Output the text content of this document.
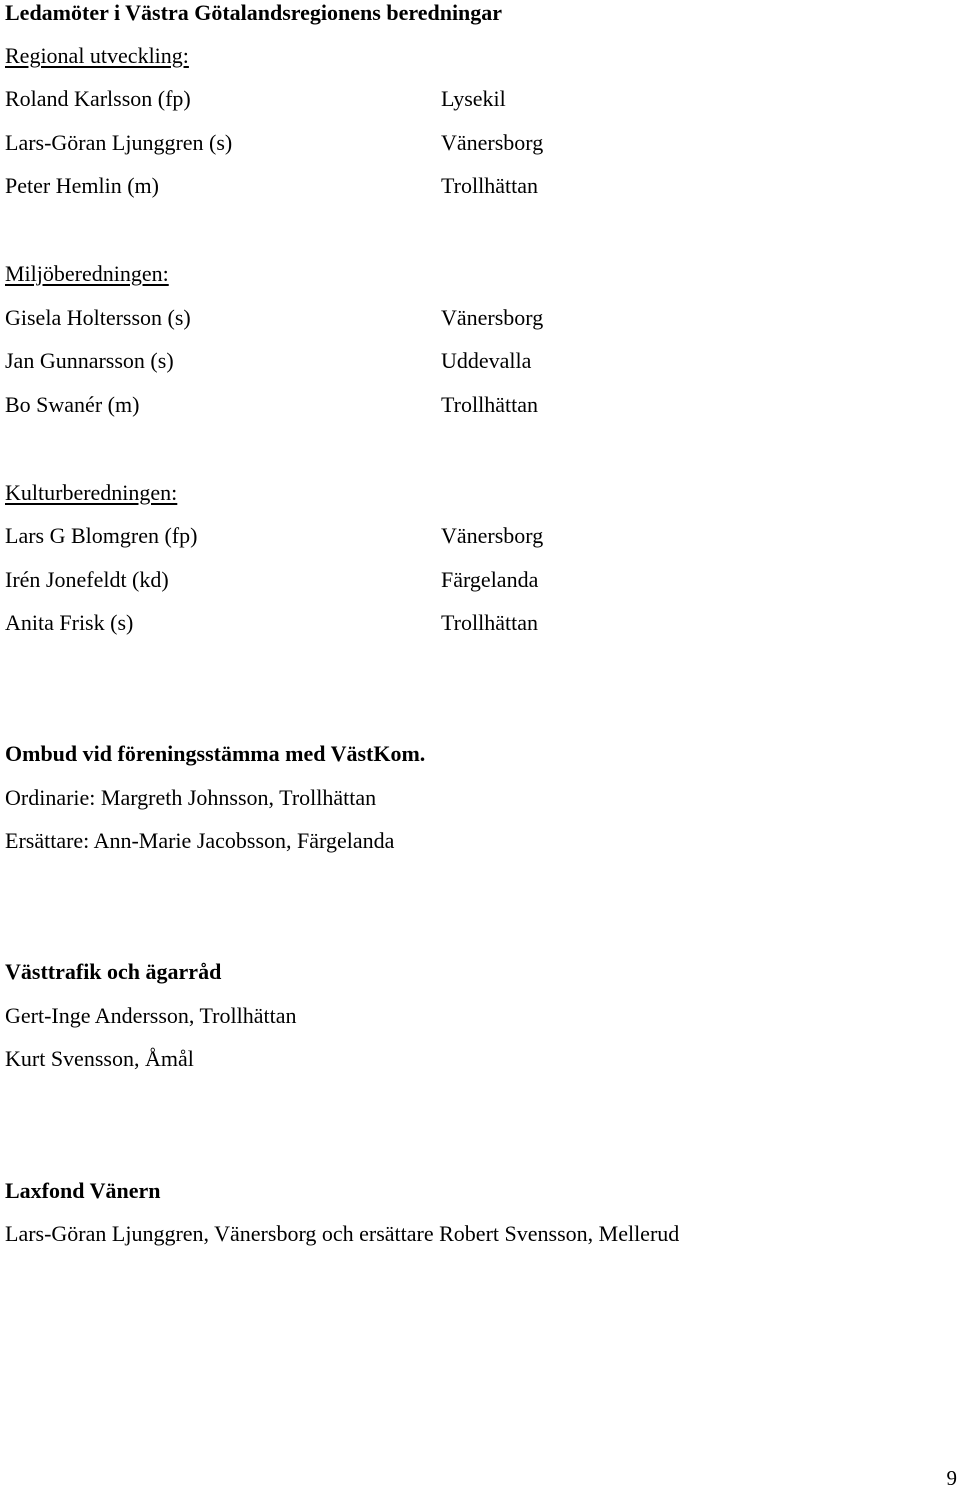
Ledamöter i Västra Götalandsregionens beredningar
Regional utveckling:
Roland Karlsson (fp)	Lysekil
Lars-Göran Ljunggren (s)	Vänersborg
Peter Hemlin (m)	Trollhättan
Miljöberedningen:
Gisela Holtersson (s)	Vänersborg
Jan Gunnarsson (s)	Uddevalla
Bo Swanér (m)	Trollhättan
Kulturberedningen:
Lars G Blomgren (fp)	Vänersborg
Irén Jonefeldt (kd)	Färgelanda
Anita Frisk (s)	Trollhättan
Ombud vid föreningsstämma med VästKom.
Ordinarie: Margreth Johnsson, Trollhättan
Ersättare: Ann-Marie Jacobsson, Färgelanda
Västtrafik och ägarråd
Gert-Inge Andersson, Trollhättan
Kurt Svensson, Åmål
Laxfond Vänern
Lars-Göran Ljunggren, Vänersborg och ersättare Robert Svensson, Mellerud
9
